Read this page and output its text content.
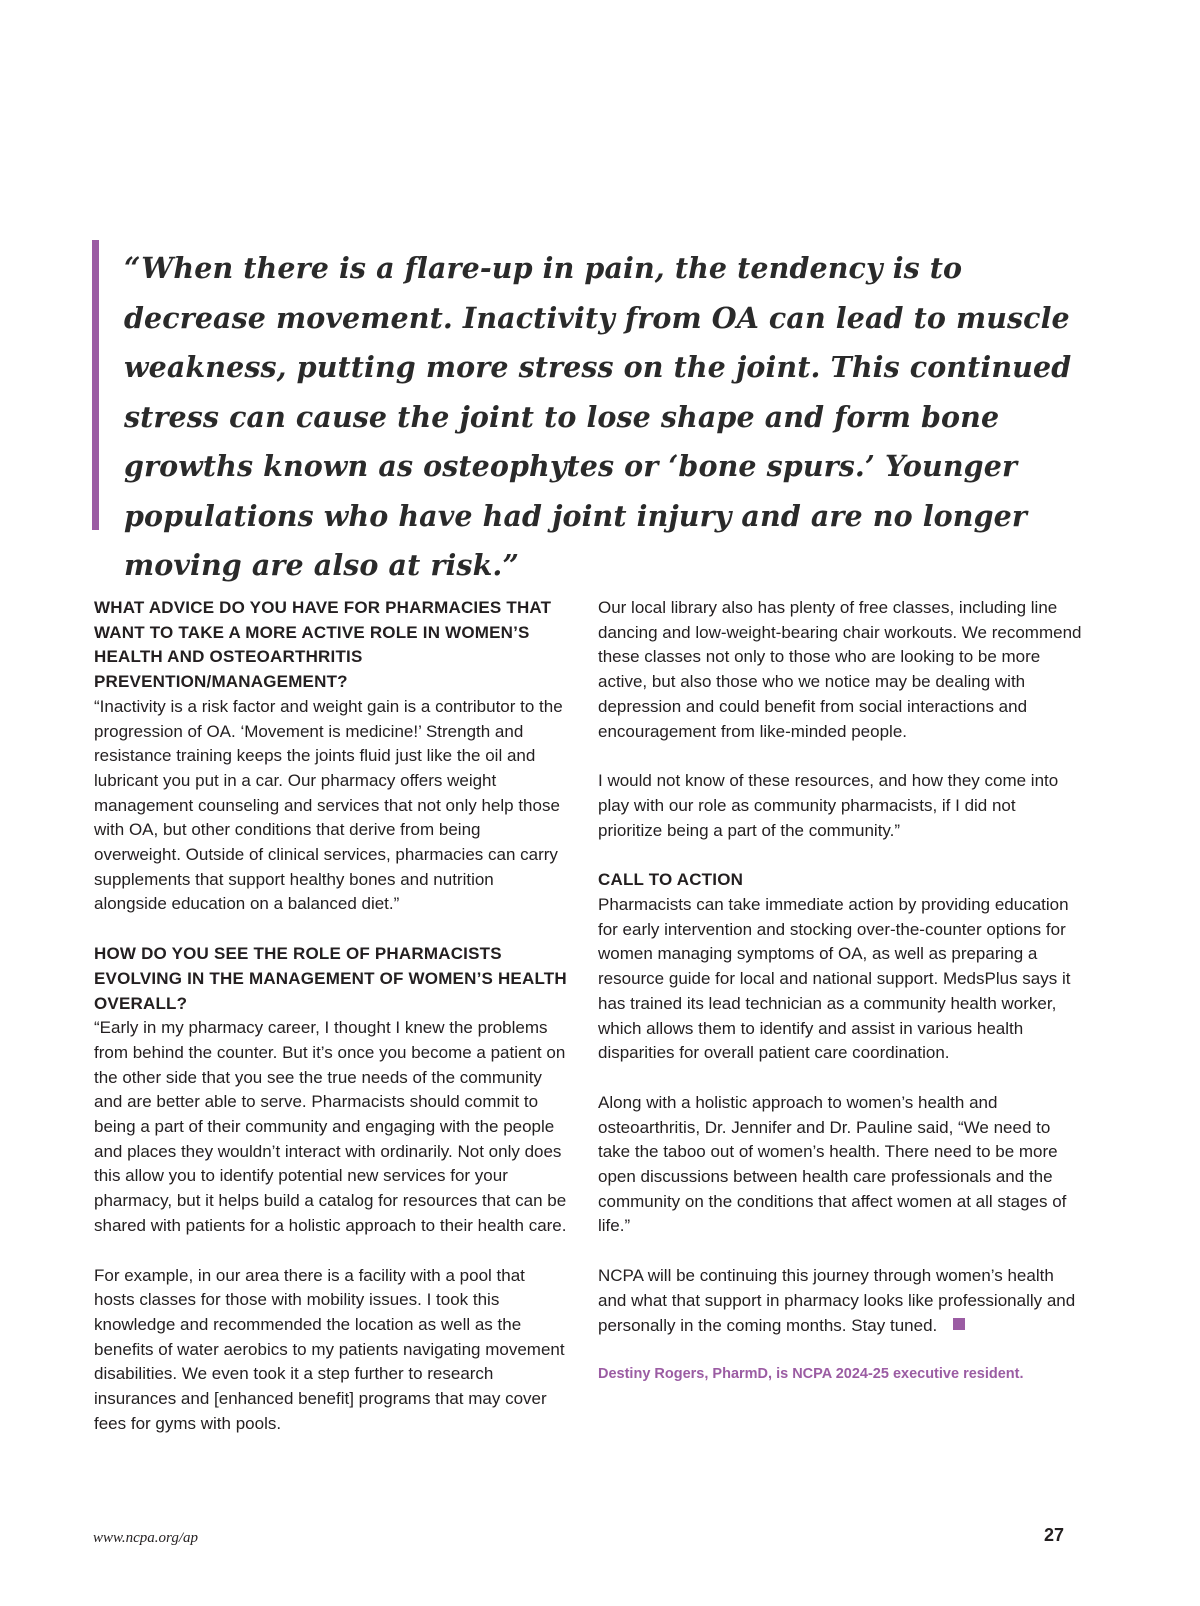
“When there is a flare-up in pain, the tendency is to decrease movement. Inactivity from OA can lead to muscle weakness, putting more stress on the joint. This continued stress can cause the joint to lose shape and form bone growths known as osteophytes or ‘bone spurs.’ Younger populations who have had joint injury and are no longer moving are also at risk.”

WHAT ADVICE DO YOU HAVE FOR PHARMACIES THAT WANT TO TAKE A MORE ACTIVE ROLE IN WOMEN’S HEALTH AND OSTEOARTHRITIS PREVENTION/MANAGEMENT?

“Inactivity is a risk factor and weight gain is a contributor to the progression of OA. ‘Movement is medicine!’ Strength and resistance training keeps the joints fluid just like the oil and lubricant you put in a car. Our pharmacy offers weight management counseling and services that not only help those with OA, but other conditions that derive from being overweight. Outside of clinical services, pharmacies can carry supplements that support healthy bones and nutrition alongside education on a balanced diet.”

HOW DO YOU SEE THE ROLE OF PHARMACISTS EVOLVING IN THE MANAGEMENT OF WOMEN’S HEALTH OVERALL?

“Early in my pharmacy career, I thought I knew the problems from behind the counter. But it’s once you become a patient on the other side that you see the true needs of the community and are better able to serve. Pharmacists should commit to being a part of their community and engaging with the people and places they wouldn’t interact with ordinarily. Not only does this allow you to identify potential new services for your pharmacy, but it helps build a catalog for resources that can be shared with patients for a holistic approach to their health care.

For example, in our area there is a facility with a pool that hosts classes for those with mobility issues. I took this knowledge and recommended the location as well as the benefits of water aerobics to my patients navigating movement disabilities. We even took it a step further to research insurances and [enhanced benefit] programs that may cover fees for gyms with pools.

Our local library also has plenty of free classes, including line dancing and low-weight-bearing chair workouts. We recommend these classes not only to those who are looking to be more active, but also those who we notice may be dealing with depression and could benefit from social interactions and encouragement from like-minded people.

I would not know of these resources, and how they come into play with our role as community pharmacists, if I did not prioritize being a part of the community.”

CALL TO ACTION

Pharmacists can take immediate action by providing education for early intervention and stocking over-the-counter options for women managing symptoms of OA, as well as preparing a resource guide for local and national support. MedsPlus says it has trained its lead technician as a community health worker, which allows them to identify and assist in various health disparities for overall patient care coordination.

Along with a holistic approach to women’s health and osteoarthritis, Dr. Jennifer and Dr. Pauline said, “We need to take the taboo out of women’s health. There need to be more open discussions between health care professionals and the community on the conditions that affect women at all stages of life.”

NCPA will be continuing this journey through women’s health and what that support in pharmacy looks like professionally and personally in the coming months. Stay tuned.

Destiny Rogers, PharmD, is NCPA 2024-25 executive resident.

www.ncpa.org/ap	27
